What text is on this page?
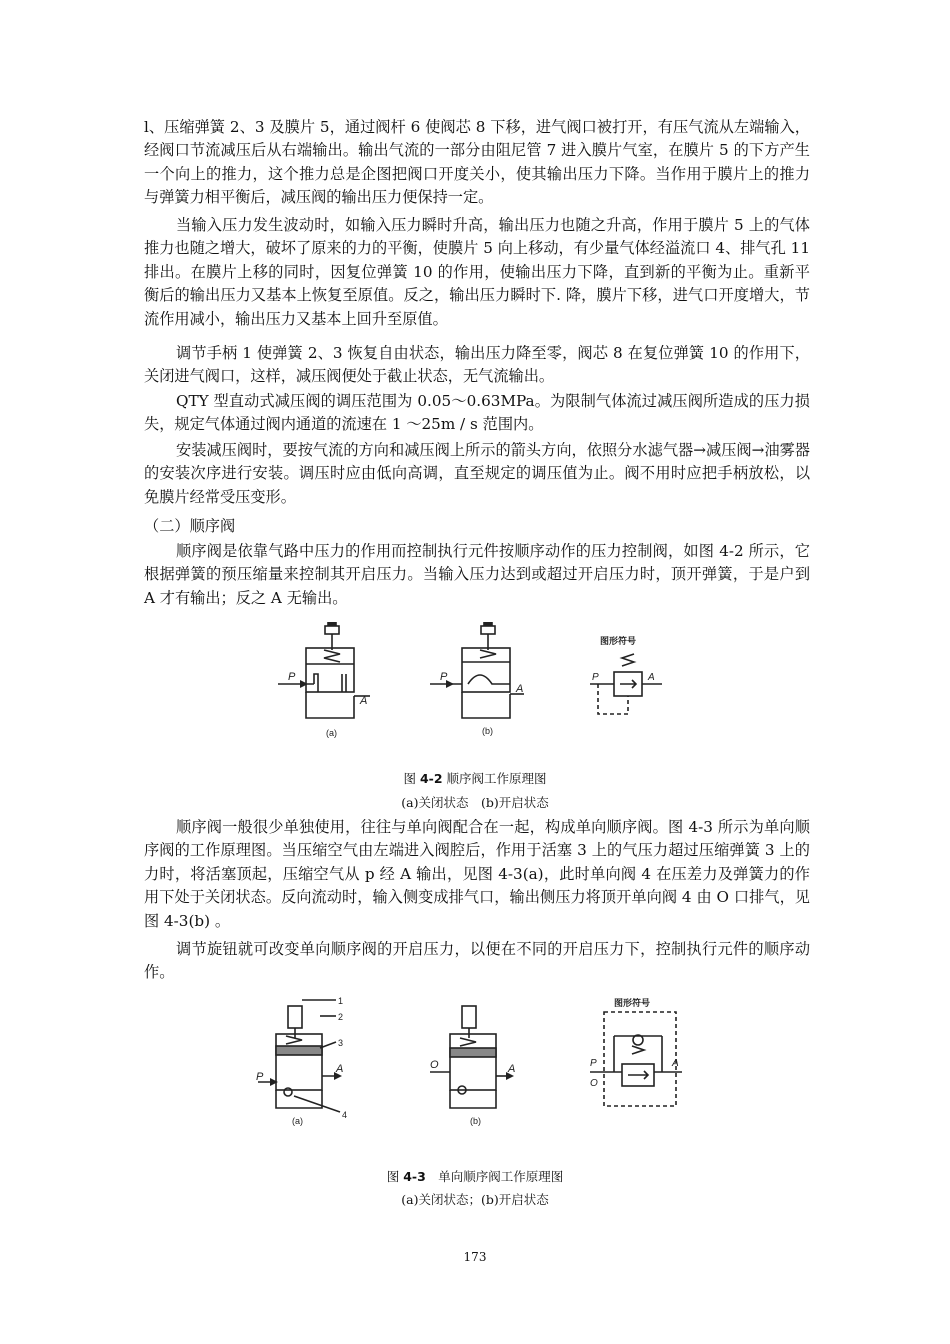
l、压缩弹簧 2、3 及膜片 5，通过阀杆 6 使阀芯 8 下移，进气阀口被打开，有压气流从左端输入，经阀口节流减压后从右端输出。输出气流的一部分由阻尼管 7 进入膜片气室，在膜片 5 的下方产生一个向上的推力，这个推力总是企图把阀口开度关小，使其输出压力下降。当作用于膜片上的推力与弹簧力相平衡后，减压阀的输出压力便保持一定。

当输入压力发生波动时，如输入压力瞬时升高，输出压力也随之升高，作用于膜片 5 上的气体推力也随之增大，破坏了原来的力的平衡，使膜片 5 向上移动，有少量气体经溢流口 4、排气孔 11 排出。在膜片上移的同时，因复位弹簧 10 的作用，使输出压力下降，直到新的平衡为止。重新平衡后的输出压力又基本上恢复至原值。反之，输出压力瞬时下. 降，膜片下移，进气口开度增大，节流作用减小，输出压力又基本上回升至原值。

调节手柄 1 使弹簧 2、3 恢复自由状态，输出压力降至零，阀芯 8 在复位弹簧 10 的作用下，关闭进气阀口，这样，减压阀便处于截止状态，无气流输出。

QTY 型直动式减压阀的调压范围为 0.05～0.63MPa。为限制气体流过减压阀所造成的压力损失，规定气体通过阀内通道的流速在 1 ～25m / s 范围内。

安装减压阀时，要按气流的方向和减压阀上所示的箭头方向，依照分水滤气器→减压阀→油雾器的安装次序进行安装。调压时应由低向高调，直至规定的调压值为止。阀不用时应把手柄放松，以免膜片经常受压变形。

（二）顺序阀

顺序阀是依靠气路中压力的作用而控制执行元件按顺序动作的压力控制阀，如图 4-2 所示，它根据弹簧的预压缩量来控制其开启压力。当输入压力达到或超过开启压力时，顶开弹簧，于是户到 A 才有输出；反之 A 无输出。

P
A
P
A
P	A
图形符号
(a)	(b)

图 4-2 顺序阀工作原理图

(a)关闭状态　(b)开启状态

顺序阀一般很少单独使用，往往与单向阀配合在一起，构成单向顺序阀。图 4-3 所示为单向顺序阀的工作原理图。当压缩空气由左端进入阀腔后，作用于活塞 3 上的气压力超过压缩弹簧 3 上的力时，将活塞顶起，压缩空气从 p 经 A 输出，见图 4-3(a)，此时单向阀 4 在压差力及弹簧力的作用下处于关闭状态。反向流动时，输入侧变成排气口，输出侧压力将顶开单向阀 4 由 O 口排气，见图 4-3(b) 。

调节旋钮就可改变单向顺序阀的开启压力，以便在不同的开启压力下，控制执行元件的顺序动作。

P
A	O	A	P
O
A
图形符号
1
2
3
4
(a)	(b)

图 4-3　 单向顺序阀工作原理图

(a)关闭状态；(b)开启状态

173
